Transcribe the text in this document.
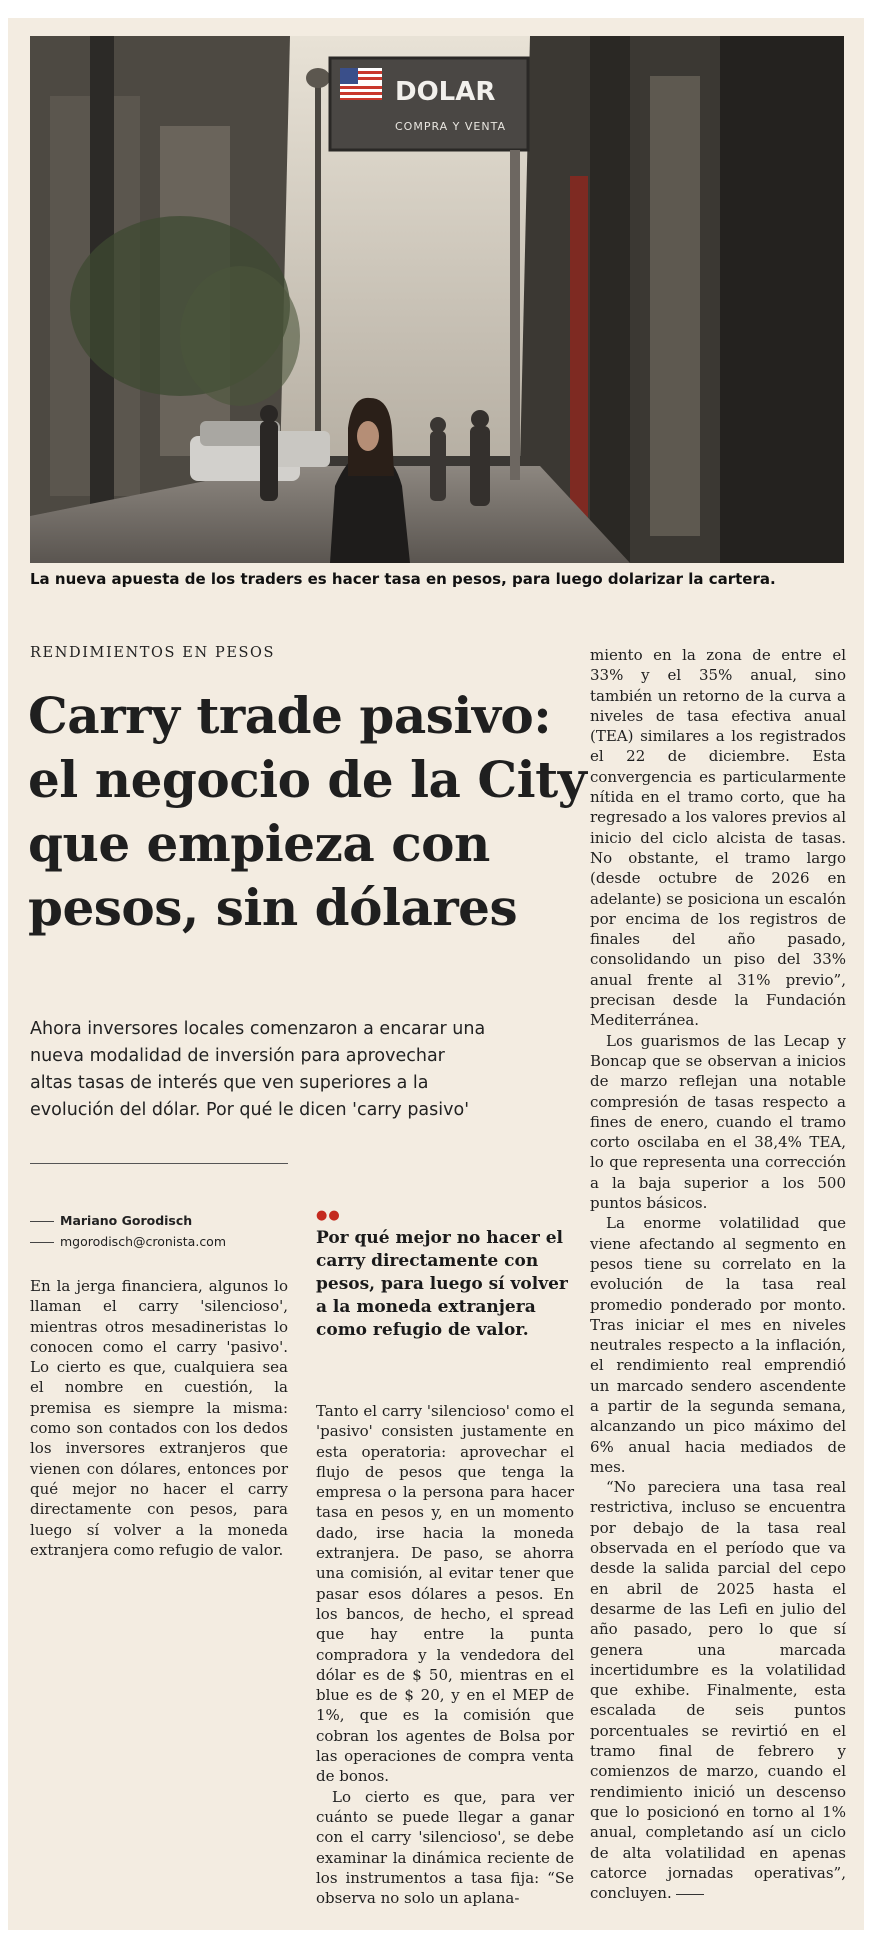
DOLAR
COMPRA Y VENTA
La nueva apuesta de los traders es hacer tasa en pesos, para luego dolarizar la cartera.
RENDIMIENTOS EN PESOS
Carry trade pasivo:
el negocio de la City
que empieza con
pesos, sin dólares
Ahora inversores locales comenzaron a encarar una
nueva modalidad de inversión para aprovechar
altas tasas de interés que ven superiores a la
evolución del dólar. Por qué le dicen 'carry pasivo'
Mariano Gorodisch
mgorodisch@cronista.com

En la jerga financiera, algunos lo llaman el carry 'silencioso', mientras otros mesadineristas lo conocen como el carry 'pasivo'. Lo cierto es que, cualquiera sea el nombre en cuestión, la premisa es siempre la misma: como son contados con los dedos los inversores extranjeros que vienen con dólares, entonces por qué mejor no hacer el carry directamente con pesos, para luego sí volver a la moneda extranjera como refugio de valor.

●●
Por qué mejor no hacer el carry directamente con pesos, para luego sí volver a la moneda extranjera como refugio de valor.

Tanto el carry 'silencioso' como el 'pasivo' consisten justamente en esta operatoria: aprovechar el flujo de pesos que tenga la empresa o la persona para hacer tasa en pesos y, en un momento dado, irse hacia la moneda extranjera. De paso, se ahorra una comisión, al evitar tener que pasar esos dólares a pesos. En los bancos, de hecho, el spread que hay entre la punta compradora y la vendedora del dólar es de $ 50, mientras en el blue es de $ 20, y en el MEP de 1%, que es la comisión que cobran los agentes de Bolsa por las operaciones de compra venta de bonos.

Lo cierto es que, para ver cuánto se puede llegar a ganar con el carry 'silencioso', se debe examinar la dinámica reciente de los instrumentos a tasa fija: “Se observa no solo un aplana-

miento en la zona de entre el 33% y el 35% anual, sino también un retorno de la curva a niveles de tasa efectiva anual (TEA) similares a los registrados el 22 de diciembre. Esta convergencia es particularmente nítida en el tramo corto, que ha regresado a los valores previos al inicio del ciclo alcista de tasas. No obstante, el tramo largo (desde octubre de 2026 en adelante) se posiciona un escalón por encima de los registros de finales del año pasado, consolidando un piso del 33% anual frente al 31% previo”, precisan desde la Fundación Mediterránea.

Los guarismos de las Lecap y Boncap que se observan a inicios de marzo reflejan una notable compresión de tasas respecto a fines de enero, cuando el tramo corto oscilaba en el 38,4% TEA, lo que representa una corrección a la baja superior a los 500 puntos básicos.

La enorme volatilidad que viene afectando al segmento en pesos tiene su correlato en la evolución de la tasa real promedio ponderado por monto. Tras iniciar el mes en niveles neutrales respecto a la inflación, el rendimiento real emprendió un marcado sendero ascendente a partir de la segunda semana, alcanzando un pico máximo del 6% anual hacia mediados de mes.

“No pareciera una tasa real restrictiva, incluso se encuentra por debajo de la tasa real observada en el período que va desde la salida parcial del cepo en abril de 2025 hasta el desarme de las Lefi en julio del año pasado, pero lo que sí genera una marcada incertidumbre es la volatilidad que exhibe. Finalmente, esta escalada de seis puntos porcentuales se revirtió en el tramo final de febrero y comienzos de marzo, cuando el rendimiento inició un descenso que lo posicionó en torno al 1% anual, completando así un ciclo de alta volatilidad en apenas catorce jornadas operativas”, concluyen.
